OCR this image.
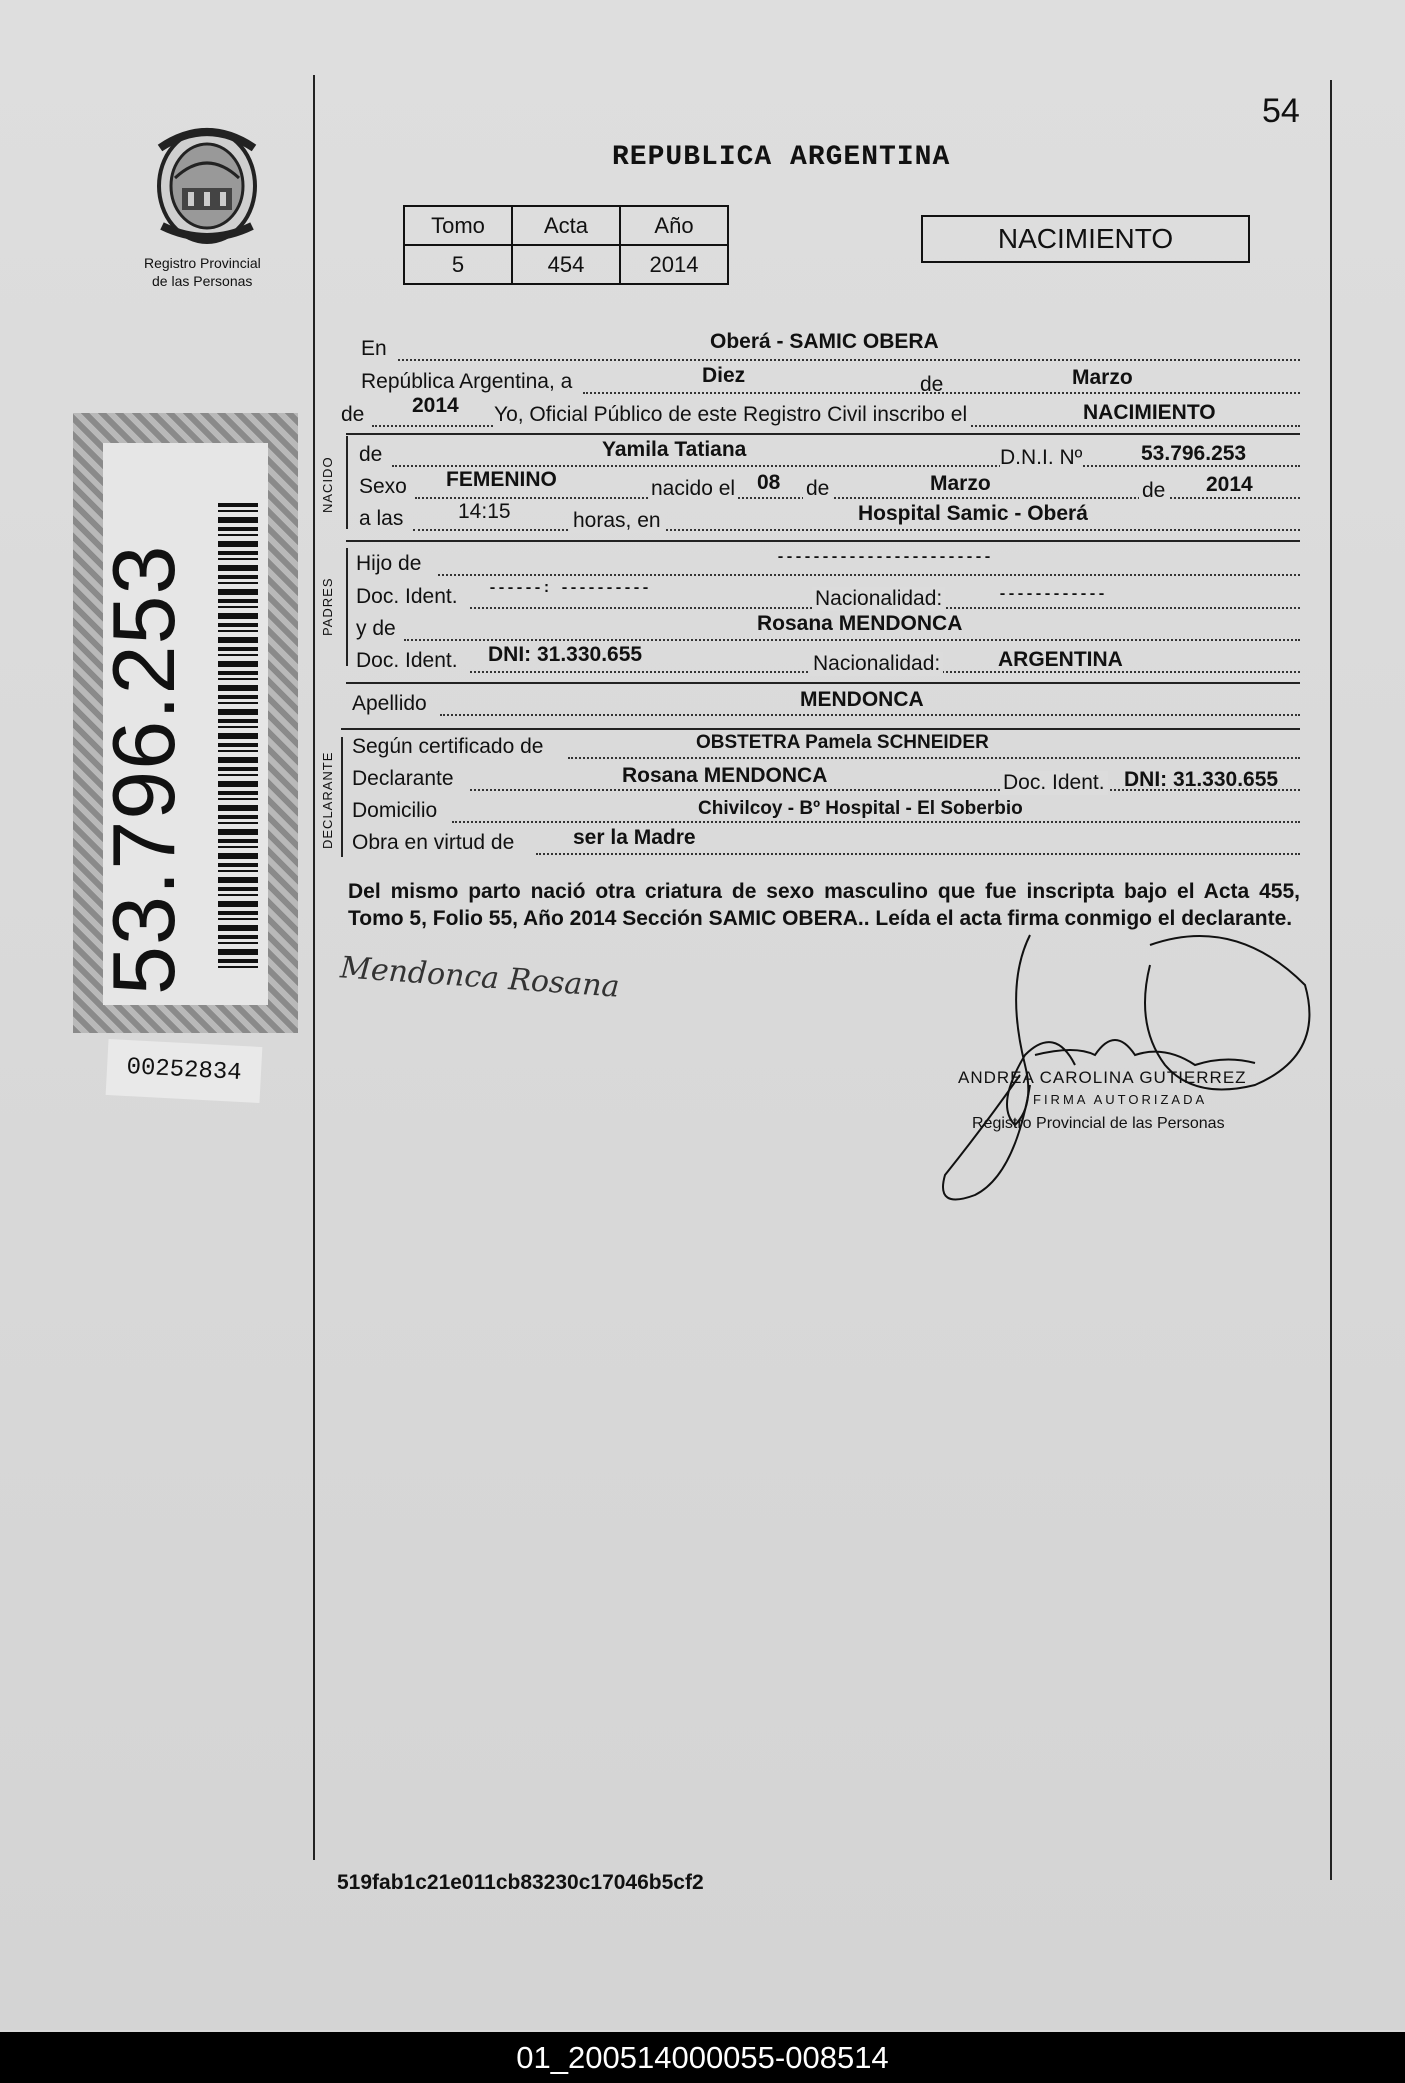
54
Registro Provincial
de las Personas
REPUBLICA ARGENTINA
Tomo	Acta	Año
5	454	2014
NACIMIENTO
En	Oberá - SAMIC OBERA
República Argentina, a	Diez	de	Marzo
de 2014 Yo, Oficial Público de este Registro Civil inscribo el	NACIMIENTO
NACIDO
PADRES
DECLARANTE
de	Yamila Tatiana	D.N.I. Nº	53.796.253
Sexo FEMENINO	nacido el 08 de	Marzo	de 2014
a las	14:15	horas, en	Hospital Samic - Oberá
Hijo de	------------------------
Doc. Ident. ------: ----------	Nacionalidad:	------------
y de	Rosana MENDONCA
Doc. Ident. DNI: 31.330.655	Nacionalidad:	ARGENTINA
Apellido	MENDONCA
Según certificado de	OBSTETRA Pamela SCHNEIDER
Declarante	Rosana MENDONCA	Doc. Ident. DNI: 31.330.655
Domicilio	Chivilcoy - Bº Hospital - El Soberbio
Obra en virtud de	ser la Madre
Del mismo parto nació otra criatura de sexo masculino que fue inscripta bajo el Acta 455, Tomo 5, Folio 55, Año 2014 Sección SAMIC OBERA.. Leída el acta firma conmigo el declarante.
Mendonca Rosana
ANDREA CAROLINA GUTIERREZ
FIRMA AUTORIZADA
Registro Provincial de las Personas
53.796.253
00252834
519fab1c21e011cb83230c17046b5cf2
01_200514000055-008514
